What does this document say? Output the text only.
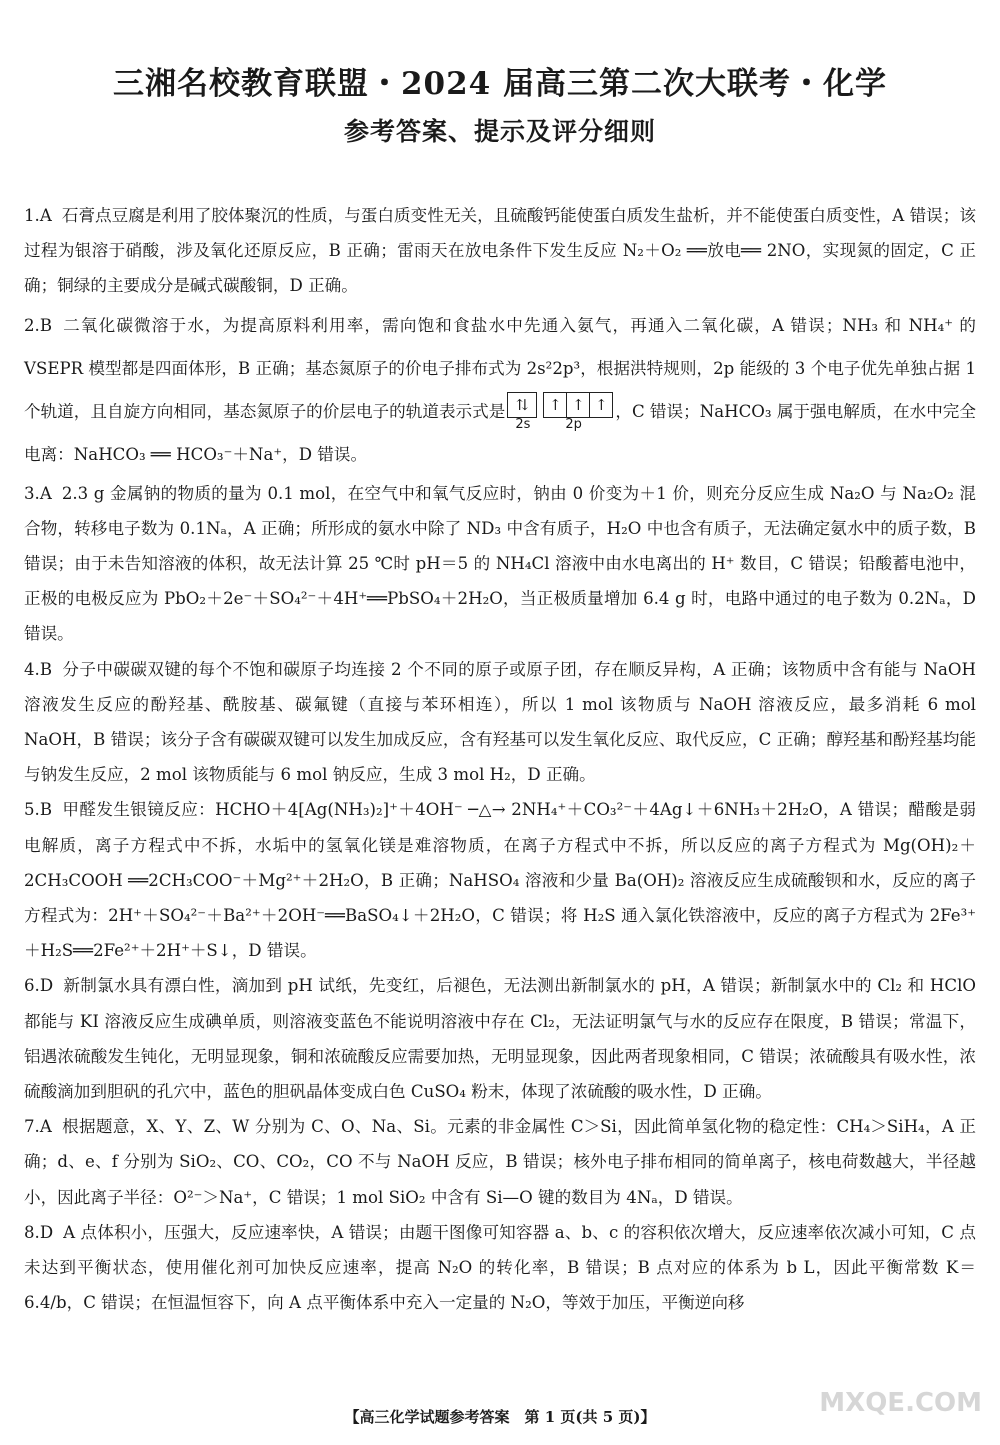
三湘名校教育联盟・2024 届高三第二次大联考・化学
参考答案、提示及评分细则

1.A 石膏点豆腐是利用了胶体聚沉的性质，与蛋白质变性无关，且硫酸钙能使蛋白质发生盐析，并不能使蛋白质变性，A 错误；该过程为银溶于硝酸，涉及氧化还原反应，B 正确；雷雨天在放电条件下发生反应 N₂＋O₂ ══放电══ 2NO，实现氮的固定，C 正确；铜绿的主要成分是碱式碳酸铜，D 正确。

2.B 二氧化碳微溶于水，为提高原料利用率，需向饱和食盐水中先通入氨气，再通入二氧化碳，A 错误；NH₃ 和 NH₄⁺ 的 VSEPR 模型都是四面体形，B 正确；基态氮原子的价电子排布式为 2s²2p³，根据洪特规则，2p 能级的 3 个电子优先单独占据 1 个轨道，且自旋方向相同，基态氮原子的价层电子的轨道表示式是 ⇅ ↑ ↑ ↑
2s	2p
，C 错误；NaHCO₃ 属于强电解质，在水中完全电离：NaHCO₃ ══ HCO₃⁻＋Na⁺，D 错误。

3.A 2.3 g 金属钠的物质的量为 0.1 mol，在空气中和氧气反应时，钠由 0 价变为＋1 价，则充分反应生成 Na₂O 与 Na₂O₂ 混合物，转移电子数为 0.1Nₐ，A 正确；所形成的氨水中除了 ND₃ 中含有质子，H₂O 中也含有质子，无法确定氨水中的质子数，B 错误；由于未告知溶液的体积，故无法计算 25 ℃时 pH＝5 的 NH₄Cl 溶液中由水电离出的 H⁺ 数目，C 错误；铅酸蓄电池中，正极的电极反应为 PbO₂＋2e⁻＋SO₄²⁻＋4H⁺══PbSO₄＋2H₂O，当正极质量增加 6.4 g 时，电路中通过的电子数为 0.2Nₐ，D 错误。

4.B 分子中碳碳双键的每个不饱和碳原子均连接 2 个不同的原子或原子团，存在顺反异构，A 正确；该物质中含有能与 NaOH 溶液发生反应的酚羟基、酰胺基、碳氟键（直接与苯环相连），所以 1 mol 该物质与 NaOH 溶液反应，最多消耗 6 mol NaOH，B 错误；该分子含有碳碳双键可以发生加成反应，含有羟基可以发生氧化反应、取代反应，C 正确；醇羟基和酚羟基均能与钠发生反应，2 mol 该物质能与 6 mol 钠反应，生成 3 mol H₂，D 正确。

5.B 甲醛发生银镜反应：HCHO＋4[Ag(NH₃)₂]⁺＋4OH⁻ ─△→ 2NH₄⁺＋CO₃²⁻＋4Ag↓＋6NH₃＋2H₂O，A 错误；醋酸是弱电解质，离子方程式中不拆，水垢中的氢氧化镁是难溶物质，在离子方程式中不拆，所以反应的离子方程式为 Mg(OH)₂＋2CH₃COOH ══2CH₃COO⁻＋Mg²⁺＋2H₂O，B 正确；NaHSO₄ 溶液和少量 Ba(OH)₂ 溶液反应生成硫酸钡和水，反应的离子方程式为：2H⁺＋SO₄²⁻＋Ba²⁺＋2OH⁻══BaSO₄↓＋2H₂O，C 错误；将 H₂S 通入氯化铁溶液中，反应的离子方程式为 2Fe³⁺＋H₂S══2Fe²⁺＋2H⁺＋S↓，D 错误。

6.D 新制氯水具有漂白性，滴加到 pH 试纸，先变红，后褪色，无法测出新制氯水的 pH，A 错误；新制氯水中的 Cl₂ 和 HClO 都能与 KI 溶液反应生成碘单质，则溶液变蓝色不能说明溶液中存在 Cl₂，无法证明氯气与水的反应存在限度，B 错误；常温下，铝遇浓硫酸发生钝化，无明显现象，铜和浓硫酸反应需要加热，无明显现象，因此两者现象相同，C 错误；浓硫酸具有吸水性，浓硫酸滴加到胆矾的孔穴中，蓝色的胆矾晶体变成白色 CuSO₄ 粉末，体现了浓硫酸的吸水性，D 正确。

7.A 根据题意，X、Y、Z、W 分别为 C、O、Na、Si。元素的非金属性 C＞Si，因此简单氢化物的稳定性：CH₄＞SiH₄，A 正确；d、e、f 分别为 SiO₂、CO、CO₂，CO 不与 NaOH 反应，B 错误；核外电子排布相同的简单离子，核电荷数越大，半径越小，因此离子半径：O²⁻＞Na⁺，C 错误；1 mol SiO₂ 中含有 Si—O 键的数目为 4Nₐ，D 错误。

8.D A 点体积小，压强大，反应速率快，A 错误；由题干图像可知容器 a、b、c 的容积依次增大，反应速率依次减小可知，C 点未达到平衡状态，使用催化剂可加快反应速率，提高 N₂O 的转化率，B 错误；B 点对应的体系为 b L，因此平衡常数 K＝6.4/b，C 错误；在恒温恒容下，向 A 点平衡体系中充入一定量的 N₂O，等效于加压，平衡逆向移

【高三化学试题参考答案　第 1 页(共 5 页)】	MXQE.COM
